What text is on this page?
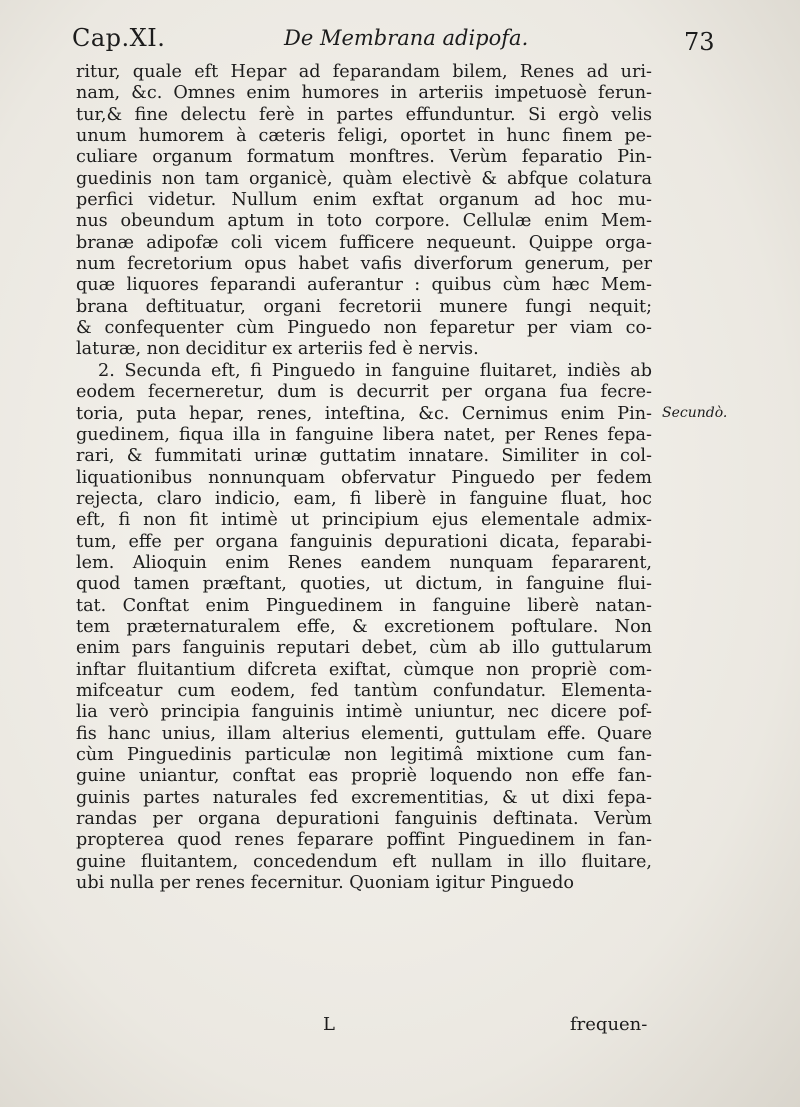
Cap.XI.	De Membrana adipofa.	73
ritur, quale eft Hepar ad feparandam bilem, Renes ad uri-
nam, &c. Omnes enim humores in arteriis impetuosè ferun-
tur,& fine delectu ferè in partes effunduntur. Si ergò velis
unum humorem à cæteris feligi, oportet in hunc finem pe-
culiare organum formatum monftres. Verùm feparatio Pin-
guedinis non tam organicè, quàm electivè & abfque colatura
perfici videtur. Nullum enim exftat organum ad hoc mu-
nus obeundum aptum in toto corpore. Cellulæ enim Mem-
branæ adipofæ coli vicem fufficere nequeunt. Quippe orga-
num fecretorium opus habet vafis diverforum generum, per
quæ liquores feparandi auferantur : quibus cùm hæc Mem-
brana deftituatur, organi fecretorii munere fungi nequit;
& confequenter cùm Pinguedo non feparetur per viam co-
laturæ, non deciditur ex arteriis fed è nervis.
2. Secunda eft, fi Pinguedo in fanguine fluitaret, indiès ab
eodem fecerneretur, dum is decurrit per organa fua fecre-
toria, puta hepar, renes, inteftina, &c. Cernimus enim Pin-
guedinem, fiqua illa in fanguine libera natet, per Renes fepa-
rari, & fummitati urinæ guttatim innatare. Similiter in col-
liquationibus nonnunquam obfervatur Pinguedo per fedem
rejecta, claro indicio, eam, fi liberè in fanguine fluat, hoc
eft, fi non fit intimè ut principium ejus elementale admix-
tum, effe per organa fanguinis depurationi dicata, feparabi-
lem. Alioquin enim Renes eandem nunquam fepararent,
quod tamen præftant, quoties, ut dictum, in fanguine flui-
tat. Conftat enim Pinguedinem in fanguine liberè natan-
tem præternaturalem effe, & excretionem poftulare. Non
enim pars fanguinis reputari debet, cùm ab illo guttularum
inftar fluitantium difcreta exiftat, cùmque non propriè com-
mifceatur cum eodem, fed tantùm confundatur. Elementa-
lia verò principia fanguinis intimè uniuntur, nec dicere pof-
fis hanc unius, illam alterius elementi, guttulam effe. Quare
cùm Pinguedinis particulæ non legitimâ mixtione cum fan-
guine uniantur, conftat eas propriè loquendo non effe fan-
guinis partes naturales fed excrementitias, & ut dixi fepa-
randas per organa depurationi fanguinis deftinata. Verùm
propterea quod renes feparare poffint Pinguedinem in fan-
guine fluitantem, concedendum eft nullam in illo fluitare,
ubi nulla per renes fecernitur. Quoniam igitur Pinguedo
Secundò.
L	frequen-
